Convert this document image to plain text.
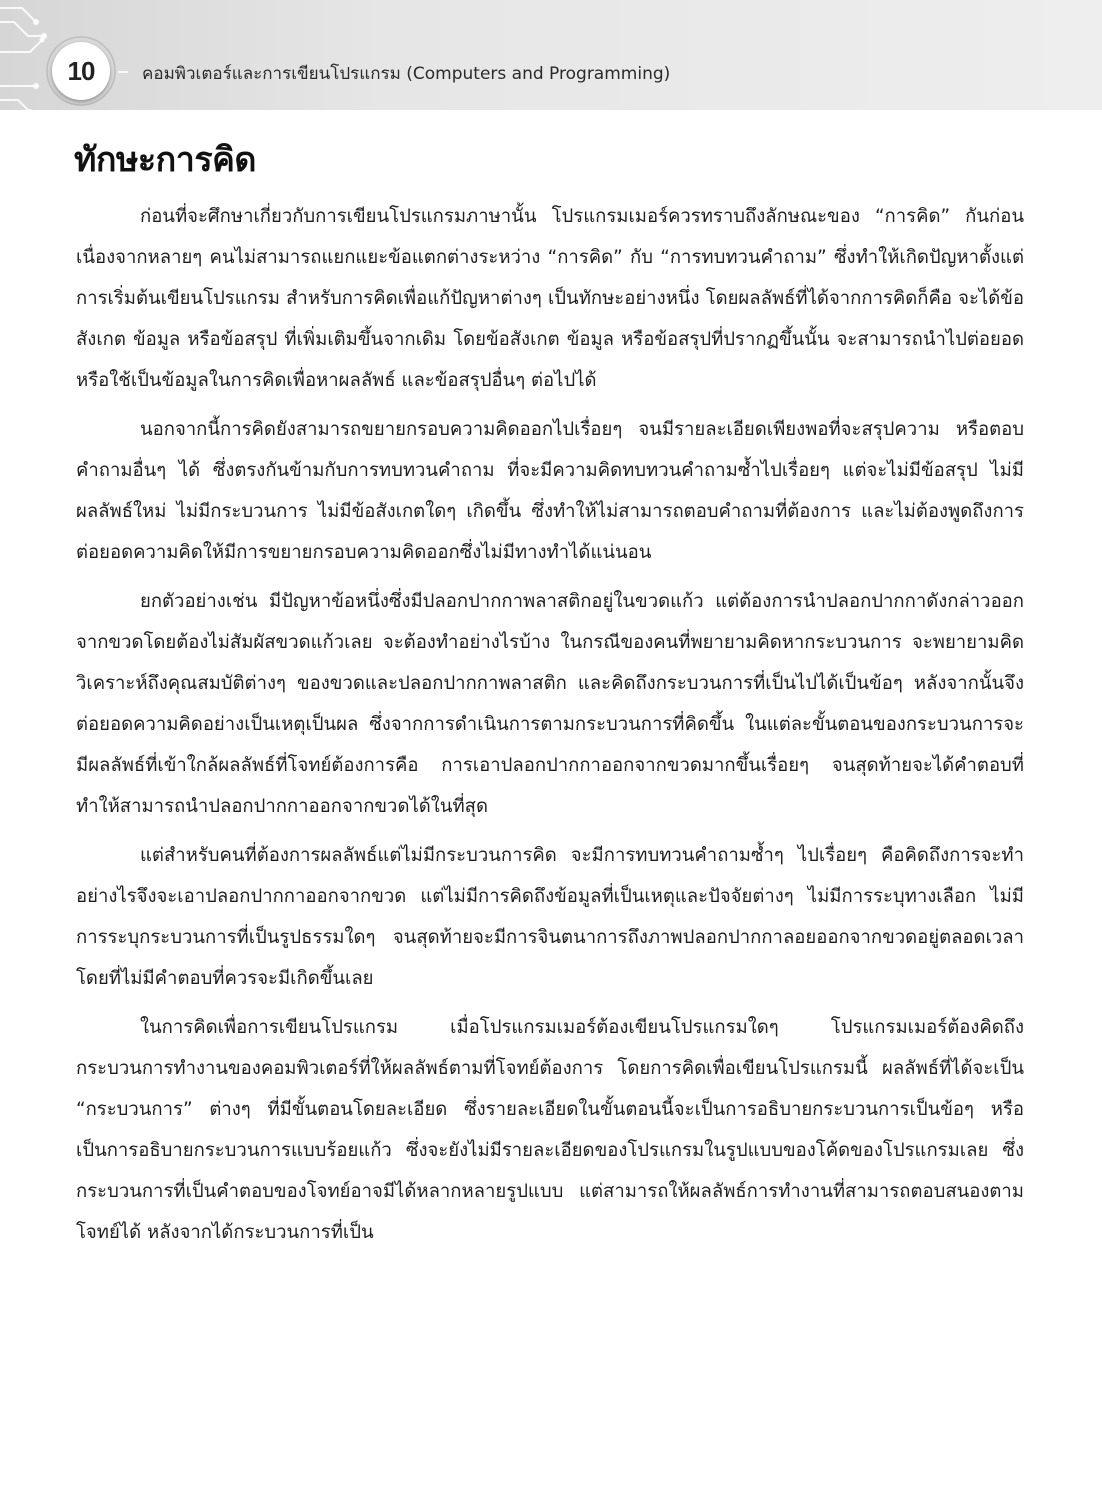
10	คอมพิวเตอร์และการเขียนโปรแกรม (Computers and Programming)
ทักษะการคิด

ก่อนที่จะศึกษาเกี่ยวกับการเขียนโปรแกรมภาษานั้น โปรแกรมเมอร์ควรทราบถึงลักษณะของ “การคิด” กันก่อน เนื่องจากหลายๆ คนไม่สามารถแยกแยะข้อแตกต่างระหว่าง “การคิด” กับ “การทบทวนคำถาม” ซึ่งทำให้เกิดปัญหาตั้งแต่การเริ่มต้นเขียนโปรแกรม สำหรับการคิดเพื่อแก้ปัญหาต่างๆ เป็นทักษะอย่างหนึ่ง โดยผลลัพธ์ที่ได้จากการคิดก็คือ จะได้ข้อสังเกต ข้อมูล หรือข้อสรุป ที่เพิ่มเติมขึ้นจากเดิม โดยข้อสังเกต ข้อมูล หรือข้อสรุปที่ปรากฏขึ้นนั้น จะสามารถนำไปต่อยอด หรือใช้เป็นข้อมูลในการคิดเพื่อหาผลลัพธ์ และข้อสรุปอื่นๆ ต่อไปได้

นอกจากนี้การคิดยังสามารถขยายกรอบความคิดออกไปเรื่อยๆ จนมีรายละเอียดเพียงพอที่จะสรุปความ หรือตอบคำถามอื่นๆ ได้ ซึ่งตรงกันข้ามกับการทบทวนคำถาม ที่จะมีความคิดทบทวนคำถามซ้ำไปเรื่อยๆ แต่จะไม่มีข้อสรุป ไม่มีผลลัพธ์ใหม่ ไม่มีกระบวนการ ไม่มีข้อสังเกตใดๆ เกิดขึ้น ซึ่งทำให้ไม่สามารถตอบคำถามที่ต้องการ และไม่ต้องพูดถึงการต่อยอดความคิดให้มีการขยายกรอบความคิดออกซึ่งไม่มีทางทำได้แน่นอน

ยกตัวอย่างเช่น มีปัญหาข้อหนึ่งซึ่งมีปลอกปากกาพลาสติกอยู่ในขวดแก้ว แต่ต้องการนำปลอกปากกาดังกล่าวออกจากขวดโดยต้องไม่สัมผัสขวดแก้วเลย จะต้องทำอย่างไรบ้าง ในกรณีของคนที่พยายามคิดหากระบวนการ จะพยายามคิดวิเคราะห์ถึงคุณสมบัติต่างๆ ของขวดและปลอกปากกาพลาสติก และคิดถึงกระบวนการที่เป็นไปได้เป็นข้อๆ หลังจากนั้นจึงต่อยอดความคิดอย่างเป็นเหตุเป็นผล ซึ่งจากการดำเนินการตามกระบวนการที่คิดขึ้น ในแต่ละขั้นตอนของกระบวนการจะมีผลลัพธ์ที่เข้าใกล้ผลลัพธ์ที่โจทย์ต้องการคือ การเอาปลอกปากกาออกจากขวดมากขึ้นเรื่อยๆ จนสุดท้ายจะได้คำตอบที่ทำให้สามารถนำปลอกปากกาออกจากขวดได้ในที่สุด

แต่สำหรับคนที่ต้องการผลลัพธ์แต่ไม่มีกระบวนการคิด จะมีการทบทวนคำถามซ้ำๆ ไปเรื่อยๆ คือคิดถึงการจะทำอย่างไรจึงจะเอาปลอกปากกาออกจากขวด แต่ไม่มีการคิดถึงข้อมูลที่เป็นเหตุและปัจจัยต่างๆ ไม่มีการระบุทางเลือก ไม่มีการระบุกระบวนการที่เป็นรูปธรรมใดๆ จนสุดท้ายจะมีการจินตนาการถึงภาพปลอกปากกาลอยออกจากขวดอยู่ตลอดเวลา โดยที่ไม่มีคำตอบที่ควรจะมีเกิดขึ้นเลย

ในการคิดเพื่อการเขียนโปรแกรม เมื่อโปรแกรมเมอร์ต้องเขียนโปรแกรมใดๆ โปรแกรมเมอร์ต้องคิดถึงกระบวนการทำงานของคอมพิวเตอร์ที่ให้ผลลัพธ์ตามที่โจทย์ต้องการ โดยการคิดเพื่อเขียนโปรแกรมนี้ ผลลัพธ์ที่ได้จะเป็น “กระบวนการ” ต่างๆ ที่มีขั้นตอนโดยละเอียด ซึ่งรายละเอียดในขั้นตอนนี้จะเป็นการอธิบายกระบวนการเป็นข้อๆ หรือเป็นการอธิบายกระบวนการแบบร้อยแก้ว ซึ่งจะยังไม่มีรายละเอียดของโปรแกรมในรูปแบบของโค้ดของโปรแกรมเลย ซึ่งกระบวนการที่เป็นคำตอบของโจทย์อาจมีได้หลากหลายรูปแบบ แต่สามารถให้ผลลัพธ์การทำงานที่สามารถตอบสนองตามโจทย์ได้ หลังจากได้กระบวนการที่เป็น
